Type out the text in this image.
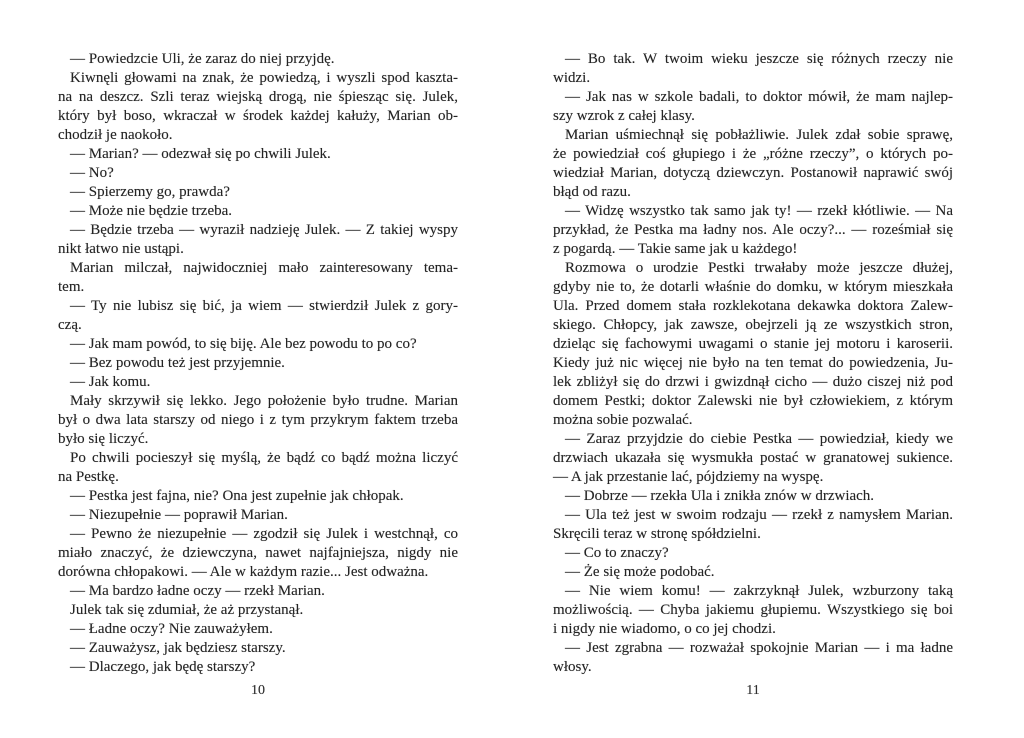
— Powiedzcie Uli, że zaraz do niej przyjdę.
Kiwnęli głowami na znak, że powiedzą, i wyszli spod kaszta-
na na deszcz. Szli teraz wiejską drogą, nie śpiesząc się. Julek,
który był boso, wkraczał w środek każdej kałuży, Marian ob-
chodził je naokoło.
— Marian? — odezwał się po chwili Julek.
— No?
— Spierzemy go, prawda?
— Może nie będzie trzeba.
— Będzie trzeba — wyraził nadzieję Julek. — Z takiej wyspy
nikt łatwo nie ustąpi.
Marian milczał, najwidoczniej mało zainteresowany tema-
tem.
— Ty nie lubisz się bić, ja wiem — stwierdził Julek z gory-
czą.
— Jak mam powód, to się biję. Ale bez powodu to po co?
— Bez powodu też jest przyjemnie.
— Jak komu.
Mały skrzywił się lekko. Jego położenie było trudne. Marian
był o dwa lata starszy od niego i z tym przykrym faktem trzeba
było się liczyć.
Po chwili pocieszył się myślą, że bądź co bądź można liczyć
na Pestkę.
— Pestka jest fajna, nie? Ona jest zupełnie jak chłopak.
— Niezupełnie — poprawił Marian.
— Pewno że niezupełnie — zgodził się Julek i westchnął, co
miało znaczyć, że dziewczyna, nawet najfajniejsza, nigdy nie
dorówna chłopakowi. — Ale w każdym razie... Jest odważna.
— Ma bardzo ładne oczy — rzekł Marian.
Julek tak się zdumiał, że aż przystanął.
— Ładne oczy? Nie zauważyłem.
— Zauważysz, jak będziesz starszy.
— Dlaczego, jak będę starszy?
— Bo tak. W twoim wieku jeszcze się różnych rzeczy nie
widzi.
— Jak nas w szkole badali, to doktor mówił, że mam najlep-
szy wzrok z całej klasy.
Marian uśmiechnął się pobłażliwie. Julek zdał sobie sprawę,
że powiedział coś głupiego i że „różne rzeczy”, o których po-
wiedział Marian, dotyczą dziewczyn. Postanowił naprawić swój
błąd od razu.
— Widzę wszystko tak samo jak ty! — rzekł kłótliwie. — Na
przykład, że Pestka ma ładny nos. Ale oczy?... — roześmiał się
z pogardą. — Takie same jak u każdego!
Rozmowa o urodzie Pestki trwałaby może jeszcze dłużej,
gdyby nie to, że dotarli właśnie do domku, w którym mieszkała
Ula. Przed domem stała rozklekotana dekawka doktora Zalew-
skiego. Chłopcy, jak zawsze, obejrzeli ją ze wszystkich stron,
dzieląc się fachowymi uwagami o stanie jej motoru i karoserii.
Kiedy już nic więcej nie było na ten temat do powiedzenia, Ju-
lek zbliżył się do drzwi i gwizdnął cicho — dużo ciszej niż pod
domem Pestki; doktor Zalewski nie był człowiekiem, z którym
można sobie pozwalać.
— Zaraz przyjdzie do ciebie Pestka — powiedział, kiedy we
drzwiach ukazała się wysmukła postać w granatowej sukience.
— A jak przestanie lać, pójdziemy na wyspę.
— Dobrze — rzekła Ula i znikła znów w drzwiach.
— Ula też jest w swoim rodzaju — rzekł z namysłem Marian.
Skręcili teraz w stronę spółdzielni.
— Co to znaczy?
— Że się może podobać.
— Nie wiem komu! — zakrzyknął Julek, wzburzony taką
możliwością. — Chyba jakiemu głupiemu. Wszystkiego się boi
i nigdy nie wiadomo, o co jej chodzi.
— Jest zgrabna — rozważał spokojnie Marian — i ma ładne
włosy.
10	11
